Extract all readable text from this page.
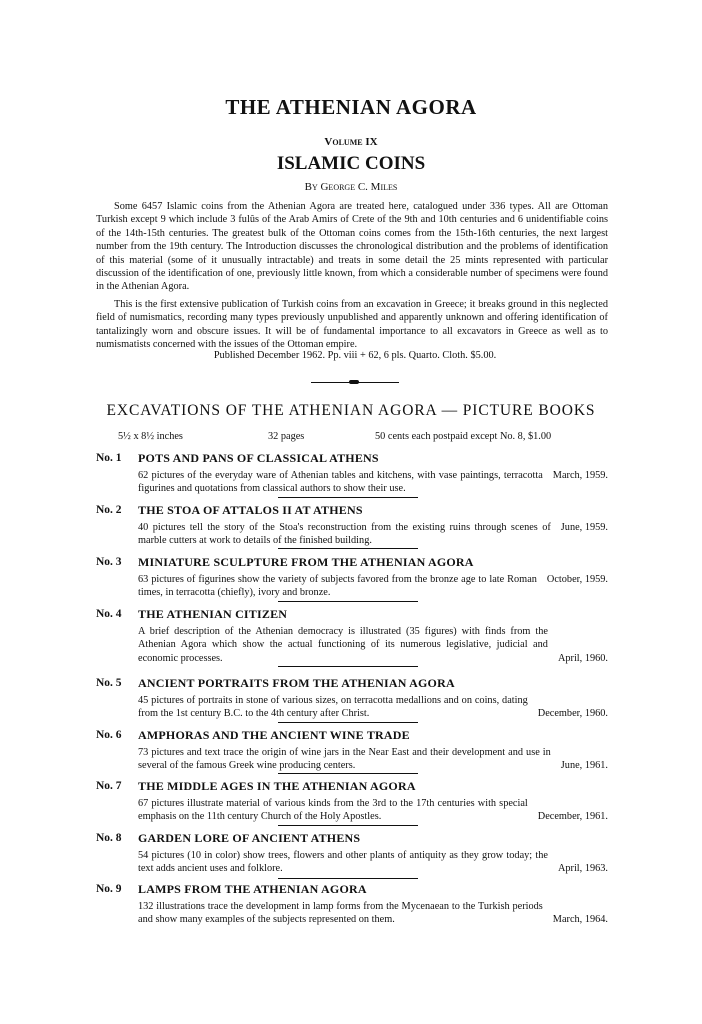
THE ATHENIAN AGORA
Volume IX
ISLAMIC COINS
By George C. Miles

Some 6457 Islamic coins from the Athenian Agora are treated here, catalogued under 336 types. All are Ottoman Turkish except 9 which include 3 fulûs of the Arab Amirs of Crete of the 9th and 10th centuries and 6 unidentifiable coins of the 14th-15th centuries. The greatest bulk of the Ottoman coins comes from the 15th-16th centuries, the next largest number from the 19th century. The Introduction discusses the chronological distribution and the problems of identification of this material (some of it unusually intractable) and treats in some detail the 25 mints represented with particular discussion of the identification of one, previously little known, from which a considerable number of specimens were found in the Athenian Agora.

This is the first extensive publication of Turkish coins from an excavation in Greece; it breaks ground in this neglected field of numismatics, recording many types previously unpublished and apparently unknown and offering identification of tantalizingly worn and obscure issues. It will be of fundamental importance to all excavators in Greece as well as to numismatists concerned with the issues of the Ottoman empire.

Published December 1962. Pp. viii + 62, 6 pls. Quarto. Cloth. $5.00.
EXCAVATIONS OF THE ATHENIAN AGORA — PICTURE BOOKS
5½ x 8½ inches	32 pages	50 cents each postpaid except No. 8, $1.00
No. 1 POTS AND PANS OF CLASSICAL ATHENS
March, 1959.
62 pictures of the everyday ware of Athenian tables and kitchens, with vase paintings, terracotta figurines and quotations from classical authors to show their use.
No. 2 THE STOA OF ATTALOS II AT ATHENS
June, 1959.
40 pictures tell the story of the Stoa's reconstruction from the existing ruins through scenes of marble cutters at work to details of the finished building.
No. 3 MINIATURE SCULPTURE FROM THE ATHENIAN AGORA
October, 1959.
63 pictures of figurines show the variety of subjects favored from the bronze age to late Roman times, in terracotta (chiefly), ivory and bronze.
No. 4 THE ATHENIAN CITIZEN
April, 1960.
A brief description of the Athenian democracy is illustrated (35 figures) with finds from the Athenian Agora which show the actual functioning of its numerous legislative, judicial and economic processes.
No. 5 ANCIENT PORTRAITS FROM THE ATHENIAN AGORA
December, 1960.
45 pictures of portraits in stone of various sizes, on terracotta medallions and on coins, dating from the 1st century B.C. to the 4th century after Christ.
No. 6 AMPHORAS AND THE ANCIENT WINE TRADE
June, 1961.
73 pictures and text trace the origin of wine jars in the Near East and their development and use in several of the famous Greek wine producing centers.
No. 7 THE MIDDLE AGES IN THE ATHENIAN AGORA
December, 1961.
67 pictures illustrate material of various kinds from the 3rd to the 17th centuries with special emphasis on the 11th century Church of the Holy Apostles.
No. 8 GARDEN LORE OF ANCIENT ATHENS
April, 1963.
54 pictures (10 in color) show trees, flowers and other plants of antiquity as they grow today; the text adds ancient uses and folklore.
No. 9 LAMPS FROM THE ATHENIAN AGORA
March, 1964.
132 illustrations trace the development in lamp forms from the Mycenaean to the Turkish periods and show many examples of the subjects represented on them.
